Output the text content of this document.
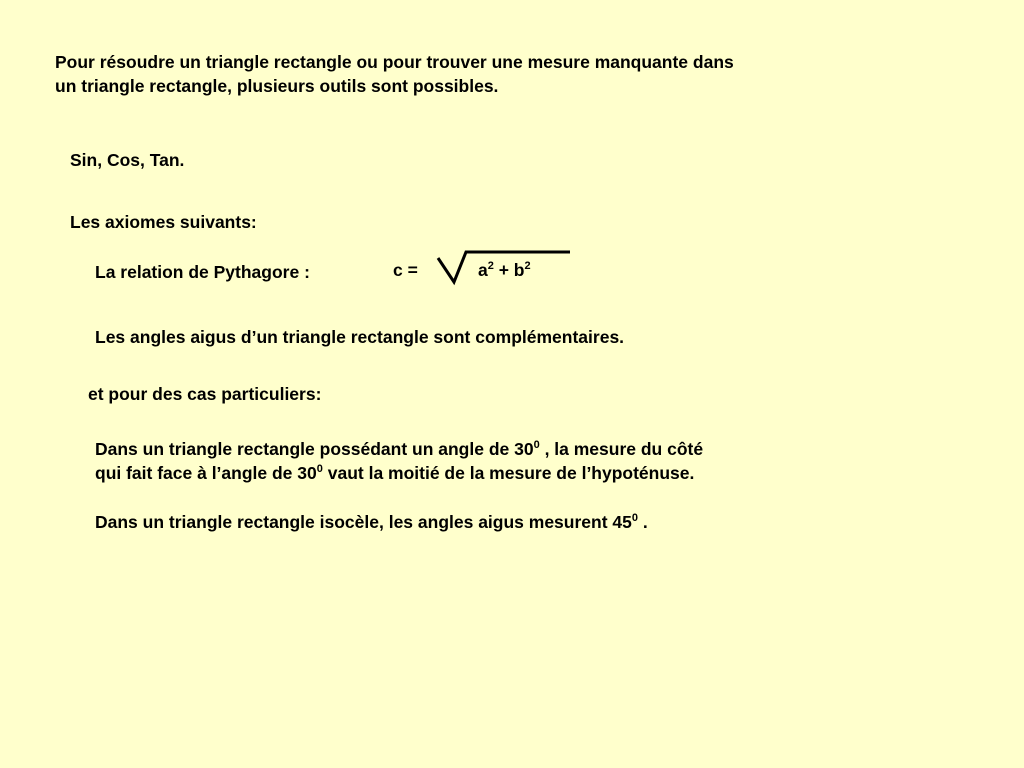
Pour résoudre un triangle rectangle ou pour trouver une mesure manquante dans
un triangle rectangle, plusieurs outils sont possibles.
Sin, Cos, Tan.
Les axiomes suivants:
La relation de Pythagore :	c =	$a^2 + b^2$
Les angles aigus d’un triangle rectangle sont complémentaires.
et pour des cas particuliers:
Dans un triangle rectangle possédant un angle de $30^0$ , la mesure du côté
qui fait face à l’angle de $30^0$ vaut la moitié de la mesure de l’hypoténuse.
Dans un triangle rectangle isocèle, les angles aigus mesurent $45^0$ .
